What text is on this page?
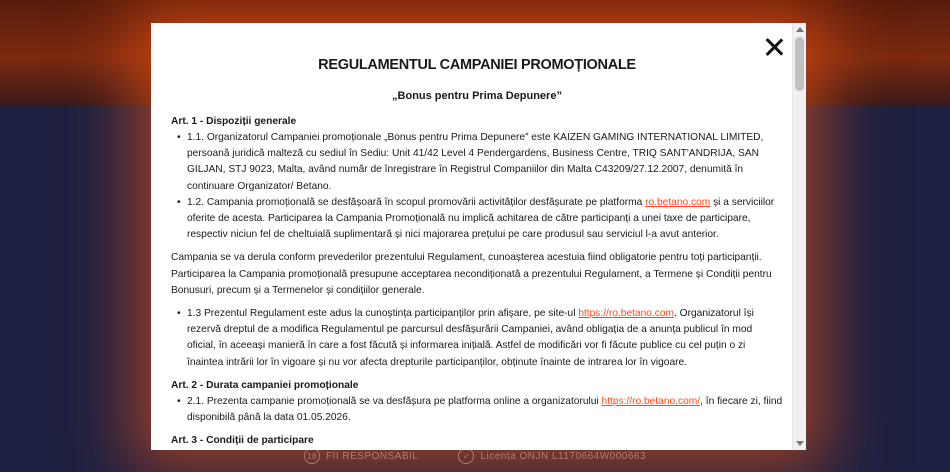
18 FII RESPONSABIL	✓	Licența ONJN L1170664W000663
REGULAMENTUL CAMPANIEI PROMOȚIONALE
„Bonus pentru Prima Depunere”

Art. 1 - Dispoziții generale

• 1.1. Organizatorul Campaniei promoționale „Bonus pentru Prima Depunere” este KAIZEN GAMING INTERNATIONAL LIMITED, persoană juridică malteză cu sediul în Sediu: Unit 41/42 Level 4 Pendergardens, Business Centre, TRIQ SANT'ANDRIJA, SAN GILJAN, STJ 9023, Malta, având număr de înregistrare în Registrul Companiilor din Malta C43209/27.12.2007, denumită în continuare Organizator/ Betano.
• 1.2. Campania promoțională se desfășoară în scopul promovării activităților desfășurate pe platforma ro.betano.com și a serviciilor oferite de acesta. Participarea la Campania Promoțională nu implică achitarea de către participanți a unei taxe de participare, respectiv niciun fel de cheltuială suplimentară și nici majorarea prețului pe care produsul sau serviciul l-a avut anterior.

Campania se va derula conform prevederilor prezentului Regulament, cunoașterea acestuia fiind obligatorie pentru toți participanții. Participarea la Campania promoțională presupune acceptarea necondiționată a prezentului Regulament, a Termene și Condiții pentru Bonusuri, precum și a Termenelor și condițiilor generale.

• 1.3 Prezentul Regulament este adus la cunoștința participanților prin afișare, pe site-ul https://ro.betano.com. Organizatorul își rezervă dreptul de a modifica Regulamentul pe parcursul desfășurării Campaniei, având obligația de a anunța publicul în mod oficial, în aceeași manieră în care a fost făcută și informarea inițială. Astfel de modificări vor fi făcute publice cu cel puțin o zi înaintea intrării lor în vigoare și nu vor afecta drepturile participanților, obținute înainte de intrarea lor în vigoare.

Art. 2 - Durata campaniei promoționale

• 2.1. Prezenta campanie promoțională se va desfășura pe platforma online a organizatorului https://ro.betano.com/, în fiecare zi, fiind disponibilă până la data 01.05.2026.

Art. 3 - Condiții de participare
